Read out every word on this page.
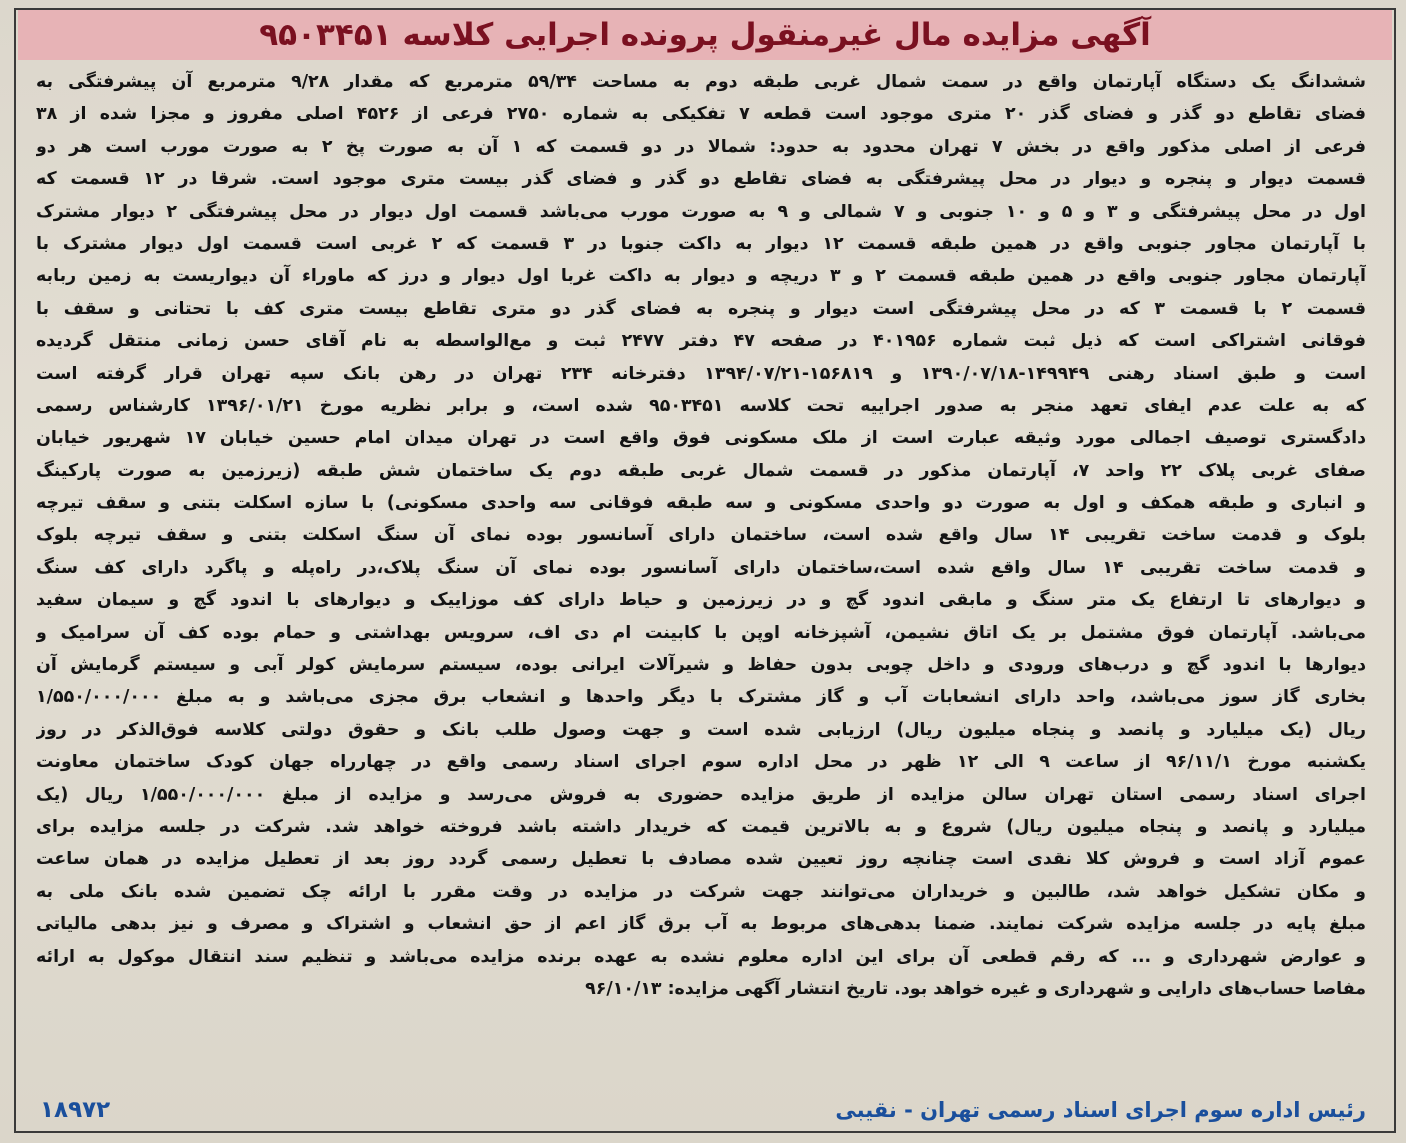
آگهی مزایده مال غیرمنقول پرونده اجرایی کلاسه ۹۵۰۳۴۵۱
ششدانگ یک دستگاه آپارتمان واقع در سمت شمال غربی طبقه دوم به مساحت ۵۹/۳۴ مترمربع که مقدار ۹/۲۸ مترمربع آن پیشرفتگی به
فضای تقاطع دو گذر و فضای گذر ۲۰ متری موجود است قطعه ۷ تفکیکی به شماره ۲۷۵۰ فرعی از ۴۵۲۶ اصلی مفروز و مجزا شده از ۳۸
فرعی از اصلی مذکور واقع در بخش ۷ تهران محدود به حدود: شمالا در دو قسمت که ۱ آن به صورت پخ ۲ به صورت مورب است هر دو
قسمت دیوار و پنجره و دیوار در محل پیشرفتگی به فضای تقاطع دو گذر و فضای گذر بیست متری موجود است. شرقا در ۱۲ قسمت که
اول در محل پیشرفتگی و ۳ و ۵ و ۱۰ جنوبی و ۷ شمالی و ۹ به صورت مورب می‌باشد قسمت اول دیوار در محل پیشرفتگی ۲ دیوار مشترک
با آپارتمان مجاور جنوبی واقع در همین طبقه قسمت ۱۲ دیوار به داکت جنوبا در ۳ قسمت که ۲ غربی است قسمت اول دیوار مشترک با
آپارتمان مجاور جنوبی واقع در همین طبقه قسمت ۲ و ۳ دریچه و دیوار به داکت غربا اول دیوار و درز که ماوراء آن دیواریست به زمین ربابه
قسمت ۲ با قسمت ۳ که در محل پیشرفتگی است دیوار و پنجره به فضای گذر دو متری تقاطع بیست متری کف با تحتانی و سقف با
فوقانی اشتراکی است که ذیل ثبت شماره ۴۰۱۹۵۶ در صفحه ۴۷ دفتر ۲۴۷۷ ثبت و مع‌الواسطه به نام آقای حسن زمانی منتقل گردیده
است و طبق اسناد رهنی ۱۴۹۹۴۹-۱۳۹۰/۰۷/۱۸ و ۱۵۶۸۱۹-۱۳۹۴/۰۷/۲۱ دفترخانه ۲۳۴ تهران در رهن بانک سپه تهران قرار گرفته است
که به علت عدم ایفای تعهد منجر به صدور اجراییه تحت کلاسه ۹۵۰۳۴۵۱ شده است، و برابر نظریه مورخ ۱۳۹۶/۰۱/۲۱ کارشناس رسمی
دادگستری توصیف اجمالی مورد وثیقه عبارت است از ملک مسکونی فوق واقع است در تهران میدان امام حسین خیابان ۱۷ شهریور خیابان
صفای غربی پلاک ۲۲ واحد ۷، آپارتمان مذکور در قسمت شمال غربی طبقه دوم یک ساختمان شش طبقه (زیرزمین به صورت پارکینگ
و انباری و طبقه همکف و اول به صورت دو واحدی مسکونی و سه طبقه فوقانی سه واحدی مسکونی) با سازه اسکلت بتنی و سقف تیرچه
بلوک و قدمت ساخت تقریبی ۱۴ سال واقع شده است، ساختمان دارای آسانسور بوده نمای آن سنگ اسکلت بتنی و سقف تیرچه بلوک
و قدمت ساخت تقریبی ۱۴ سال واقع شده است،ساختمان دارای آسانسور بوده نمای آن سنگ پلاک،در راه‌پله و پاگرد دارای کف سنگ
و دیوارهای تا ارتفاع یک متر سنگ و مابقی اندود گچ و در زیرزمین و حیاط دارای کف موزاییک و دیوارهای با اندود گچ و سیمان سفید
می‌باشد. آپارتمان فوق مشتمل بر یک اتاق نشیمن، آشپزخانه اوپن با کابینت ام دی اف، سرویس بهداشتی و حمام بوده کف آن سرامیک و
دیوارها با اندود گچ و درب‌های ورودی و داخل چوبی بدون حفاظ و شیرآلات ایرانی بوده، سیستم سرمایش کولر آبی و سیستم گرمایش آن
بخاری گاز سوز می‌باشد، واحد دارای انشعابات آب و گاز مشترک با دیگر واحدها و انشعاب برق مجزی می‌باشد و به مبلغ ۱/۵۵۰/۰۰۰/۰۰۰
ریال (یک میلیارد و پانصد و پنجاه میلیون ریال) ارزیابی شده است و جهت وصول طلب بانک و حقوق دولتی کلاسه فوق‌الذکر در روز
یکشنبه مورخ ۹۶/۱۱/۱ از ساعت ۹ الی ۱۲ ظهر در محل اداره سوم اجرای اسناد رسمی واقع در چهارراه جهان کودک ساختمان معاونت
اجرای اسناد رسمی استان تهران سالن مزایده از طریق مزایده حضوری به فروش می‌رسد و مزایده از مبلغ ۱/۵۵۰/۰۰۰/۰۰۰ ریال (یک
میلیارد و پانصد و پنجاه میلیون ریال) شروع و به بالاترین قیمت که خریدار داشته باشد فروخته خواهد شد. شرکت در جلسه مزایده برای
عموم آزاد است و فروش کلا نقدی است چنانچه روز تعیین شده مصادف با تعطیل رسمی گردد روز بعد از تعطیل مزایده در همان ساعت
و مکان تشکیل خواهد شد، طالبین و خریداران می‌توانند جهت شرکت در مزایده در وقت مقرر با ارائه چک تضمین شده بانک ملی به
مبلغ پایه در جلسه مزایده شرکت نمایند. ضمنا بدهی‌های مربوط به آب برق گاز اعم از حق انشعاب و اشتراک و مصرف و نیز بدهی مالیاتی
و عوارض شهرداری و ... که رقم قطعی آن برای این اداره معلوم نشده به عهده برنده مزایده می‌باشد و تنظیم سند انتقال موکول به ارائه
مفاصا حساب‌های دارایی و شهرداری و غیره خواهد بود. تاریخ انتشار آگهی مزایده: ۹۶/۱۰/۱۳
رئیس اداره سوم اجرای اسناد رسمی تهران - نقیبی
۱۸۹۷۲
